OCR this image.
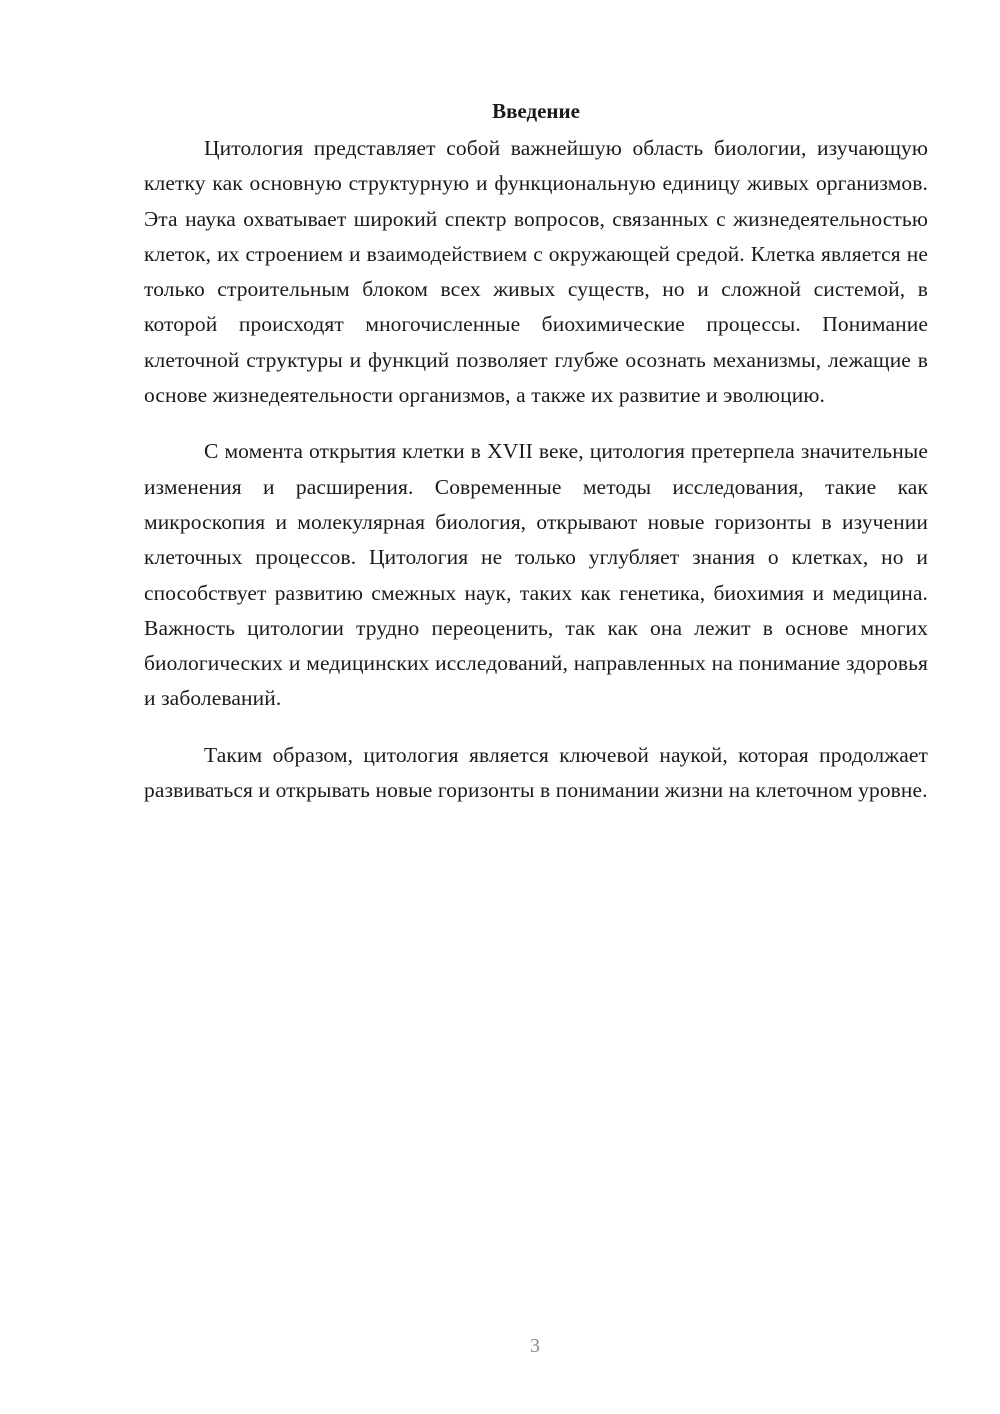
Введение

Цитология представляет собой важнейшую область биологии, изучающую клетку как основную структурную и функциональную единицу живых организмов. Эта наука охватывает широкий спектр вопросов, связанных с жизнедеятельностью клеток, их строением и взаимодействием с окружающей средой. Клетка является не только строительным блоком всех живых существ, но и сложной системой, в которой происходят многочисленные биохимические процессы. Понимание клеточной структуры и функций позволяет глубже осознать механизмы, лежащие в основе жизнедеятельности организмов, а также их развитие и эволюцию.

С момента открытия клетки в XVII веке, цитология претерпела значительные изменения и расширения. Современные методы исследования, такие как микроскопия и молекулярная биология, открывают новые горизонты в изучении клеточных процессов. Цитология не только углубляет знания о клетках, но и способствует развитию смежных наук, таких как генетика, биохимия и медицина. Важность цитологии трудно переоценить, так как она лежит в основе многих биологических и медицинских исследований, направленных на понимание здоровья и заболеваний.

Таким образом, цитология является ключевой наукой, которая продолжает развиваться и открывать новые горизонты в понимании жизни на клеточном уровне.

3
